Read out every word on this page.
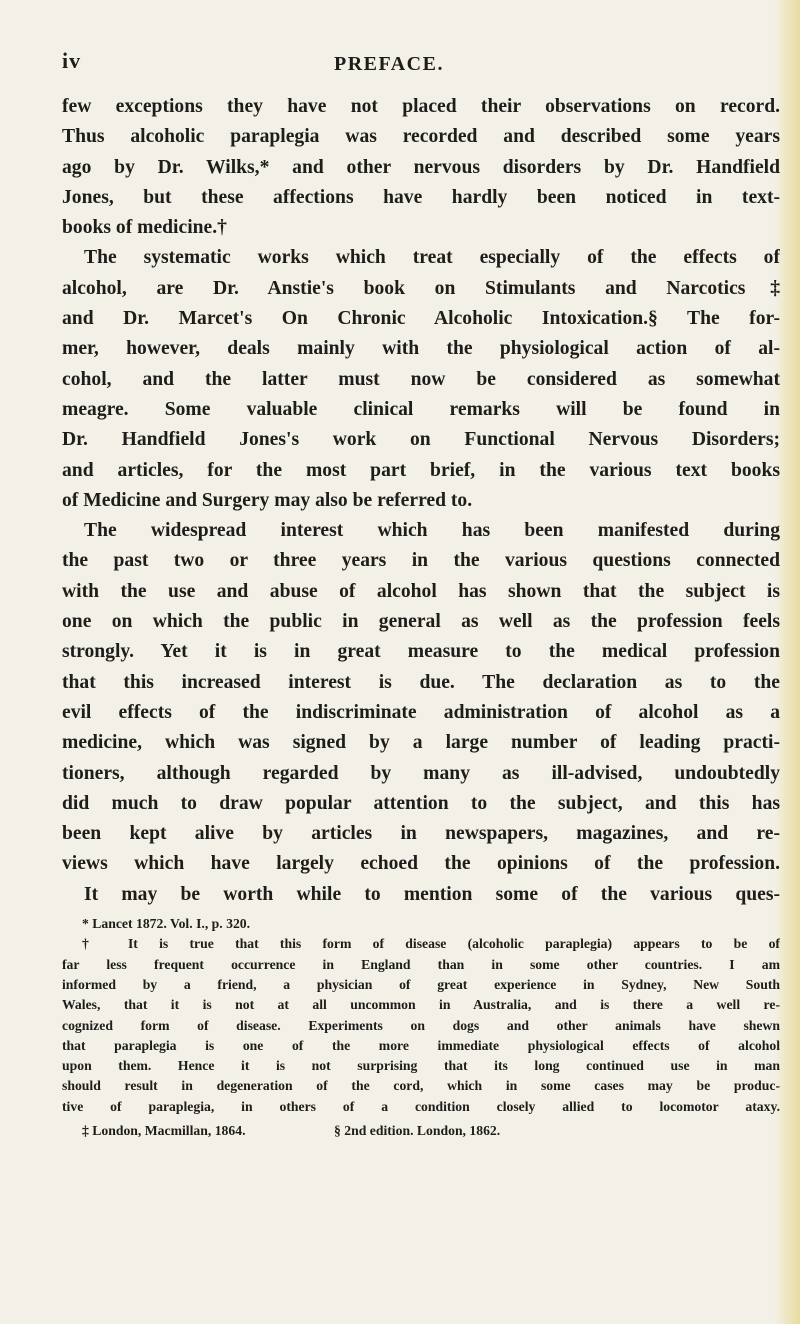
iv	PREFACE.
few exceptions they have not placed their observations on record.
Thus alcoholic paraplegia was recorded and described some years
ago by Dr. Wilks,* and other nervous disorders by Dr. Handfield
Jones, but these affections have hardly been noticed in text-
books of medicine.†
The systematic works which treat especially of the effects of
alcohol, are Dr. Anstie's book on Stimulants and Narcotics‡
and Dr. Marcet's On Chronic Alcoholic Intoxication.§ The for-
mer, however, deals mainly with the physiological action of al-
cohol, and the latter must now be considered as somewhat
meagre. Some valuable clinical remarks will be found in
Dr. Handfield Jones's work on Functional Nervous Disorders;
and articles, for the most part brief, in the various text books
of Medicine and Surgery may also be referred to.
The widespread interest which has been manifested during
the past two or three years in the various questions connected
with the use and abuse of alcohol has shown that the subject is
one on which the public in general as well as the profession feels
strongly. Yet it is in great measure to the medical profession
that this increased interest is due. The declaration as to the
evil effects of the indiscriminate administration of alcohol as a
medicine, which was signed by a large number of leading practi-
tioners, although regarded by many as ill-advised, undoubtedly
did much to draw popular attention to the subject, and this has
been kept alive by articles in newspapers, magazines, and re-
views which have largely echoed the opinions of the profession.
It may be worth while to mention some of the various ques-
* Lancet 1872. Vol. I., p. 320.
† It is true that this form of disease (alcoholic paraplegia) appears to be of
far less frequent occurrence in England than in some other countries. I am
informed by a friend, a physician of great experience in Sydney, New South
Wales, that it is not at all uncommon in Australia, and is there a well re-
cognized form of disease. Experiments on dogs and other animals have shewn
that paraplegia is one of the more immediate physiological effects of alcohol
upon them. Hence it is not surprising that its long continued use in man
should result in degeneration of the cord, which in some cases may be produc-
tive of paraplegia, in others of a condition closely allied to locomotor ataxy.
‡ London, Macmillan, 1864.	§ 2nd edition. London, 1862.
